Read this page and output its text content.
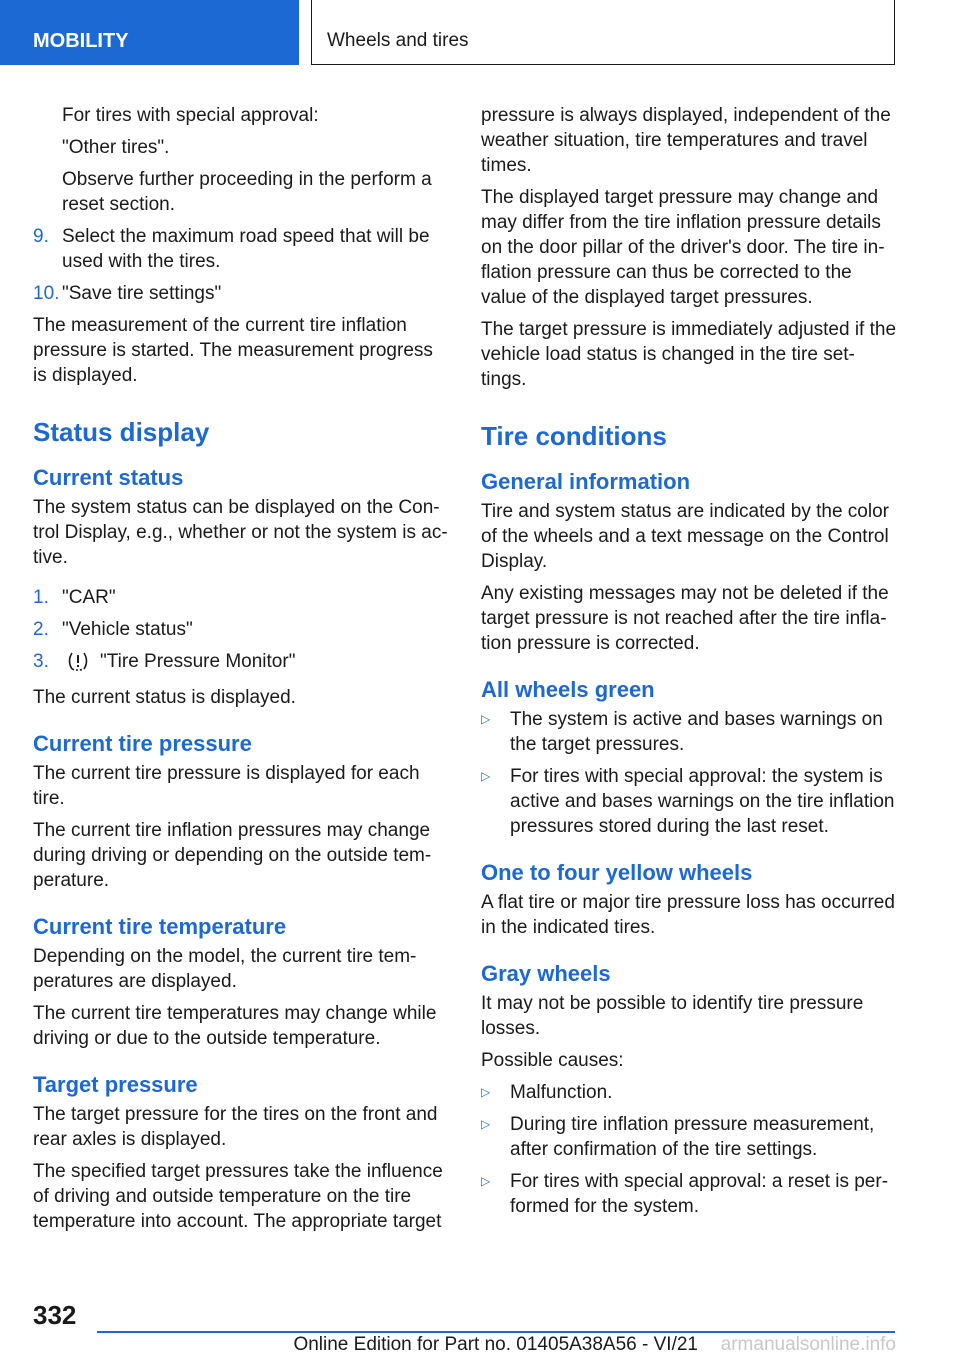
MOBILITY	Wheels and tires

For tires with special approval:

"Other tires".

Observe further proceeding in the perform a reset section.

9. Select the maximum road speed that will be used with the tires.
10. "Save tire settings"

The measurement of the current tire inflation pressure is started. The measurement progress is displayed.

Status display
Current status

The system status can be displayed on the Con‐trol Display, e.g., whether or not the system is ac‐tive.

1. "CAR"
2. "Vehicle status"
3.	"Tire Pressure Monitor"

The current status is displayed.

Current tire pressure

The current tire pressure is displayed for each tire.

The current tire inflation pressures may change during driving or depending on the outside tem‐perature.

Current tire temperature

Depending on the model, the current tire tem‐peratures are displayed.

The current tire temperatures may change while driving or due to the outside temperature.

Target pressure

The target pressure for the tires on the front and rear axles is displayed.

The specified target pressures take the influence of driving and outside temperature on the tire temperature into account. The appropriate target

pressure is always displayed, independent of the weather situation, tire temperatures and travel times.

The displayed target pressure may change and may differ from the tire inflation pressure details on the door pillar of the driver's door. The tire in‐flation pressure can thus be corrected to the value of the displayed target pressures.

The target pressure is immediately adjusted if the vehicle load status is changed in the tire set‐tings.

Tire conditions
General information

Tire and system status are indicated by the color of the wheels and a text message on the Control Display.

Any existing messages may not be deleted if the target pressure is not reached after the tire infla‐tion pressure is corrected.

All wheels green
▷ The system is active and bases warnings on the target pressures.
▷ For tires with special approval: the system is active and bases warnings on the tire inflation pressures stored during the last reset.
One to four yellow wheels

A flat tire or major tire pressure loss has occurred in the indicated tires.

Gray wheels

It may not be possible to identify tire pressure losses.

Possible causes:

▷ Malfunction.
▷ During tire inflation pressure measurement, after confirmation of the tire settings.
▷ For tires with special approval: a reset is per‐formed for the system.
332
Online Edition for Part no. 01405A38A56 - VI/21 armanualsonline.info
